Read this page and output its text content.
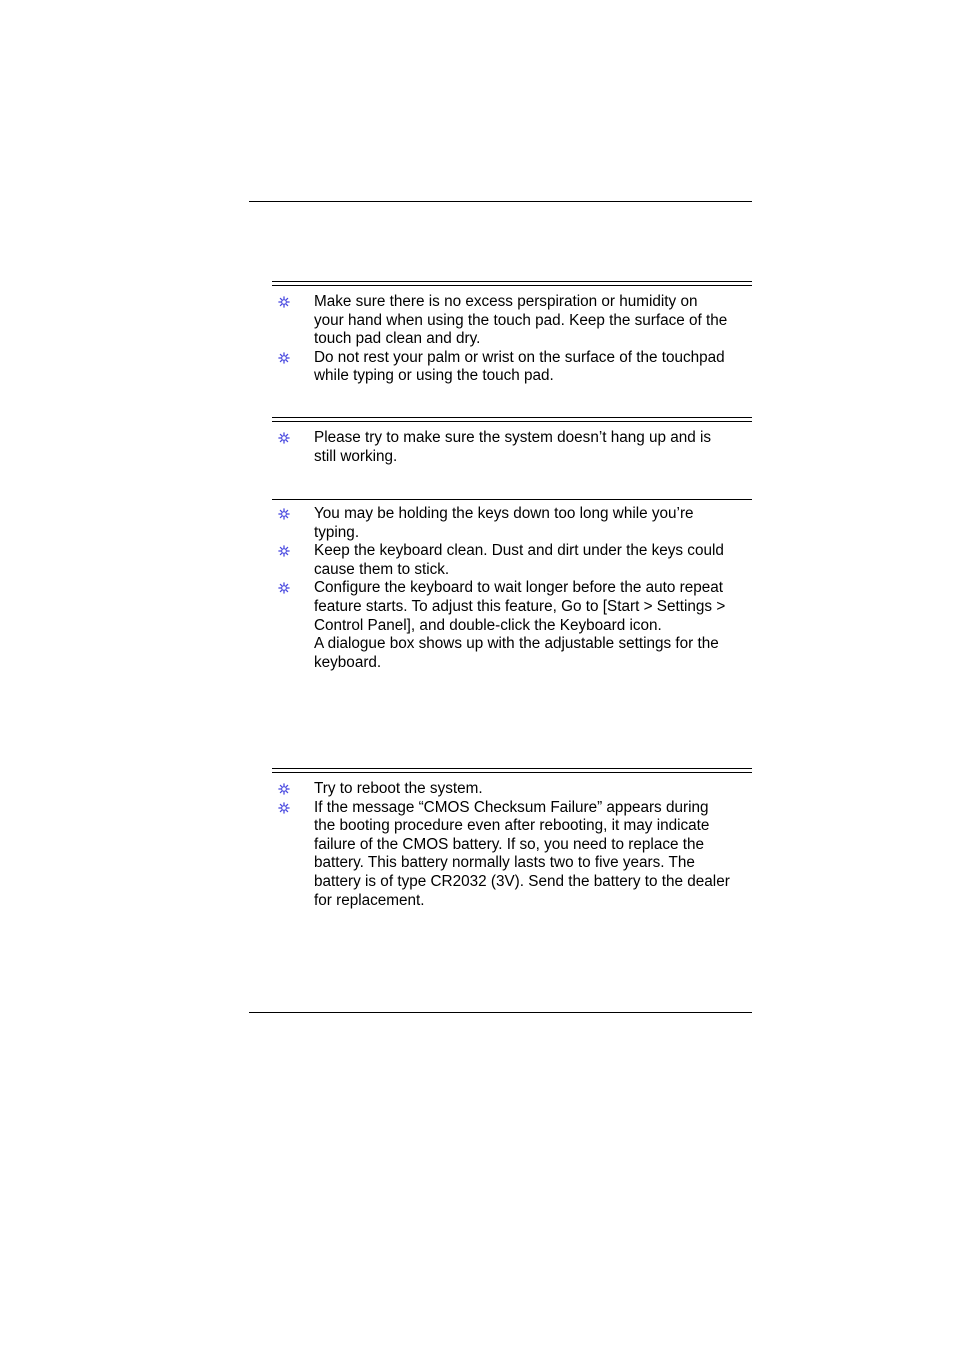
Make sure there is no excess perspiration or humidity on

your hand when using the touch pad. Keep the surface of the

touch pad clean and dry.

Do not rest your palm or wrist on the surface of the touchpad

while typing or using the touch pad.

Please try to make sure the system doesn’t hang up and is

still working.

You may be holding the keys down too long while you’re

typing.

Keep the keyboard clean. Dust and dirt under the keys could

cause them to stick.

Configure the keyboard to wait longer before the auto repeat

feature starts. To adjust this feature, Go to [Start > Settings >

Control Panel], and double-click the Keyboard icon.

A dialogue box shows up with the adjustable settings for the

keyboard.

Try to reboot the system.

If the message “CMOS Checksum Failure” appears during

the booting procedure even after rebooting, it may indicate

failure of the CMOS battery. If so, you need to replace the

battery. This battery normally lasts two to five years. The

battery is of type CR2032 (3V). Send the battery to the dealer

for replacement.
